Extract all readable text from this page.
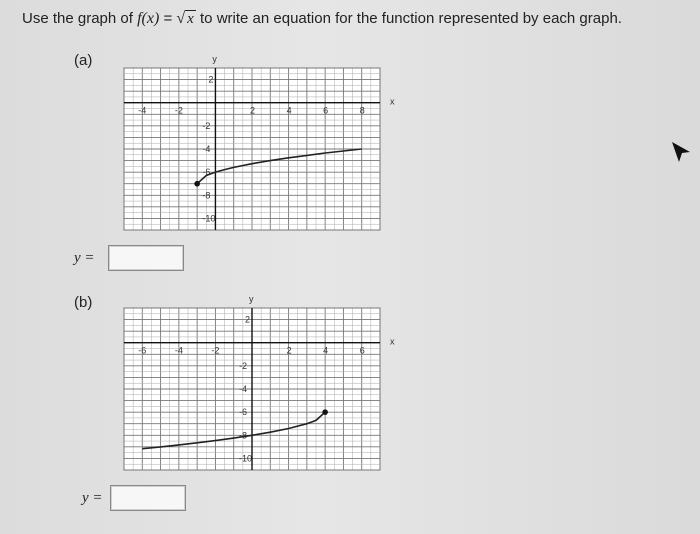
Use the graph of f(x) = √ x to write an equation for the function represented by each graph.
(a)
x
y
-4	-2	2	4	6	8
2
-2
-4
-6
-8
-10
y =
(b)
x
y
-6	-4	-2	2	4	6
2
-2
-4
-6
-8
-10
y =
